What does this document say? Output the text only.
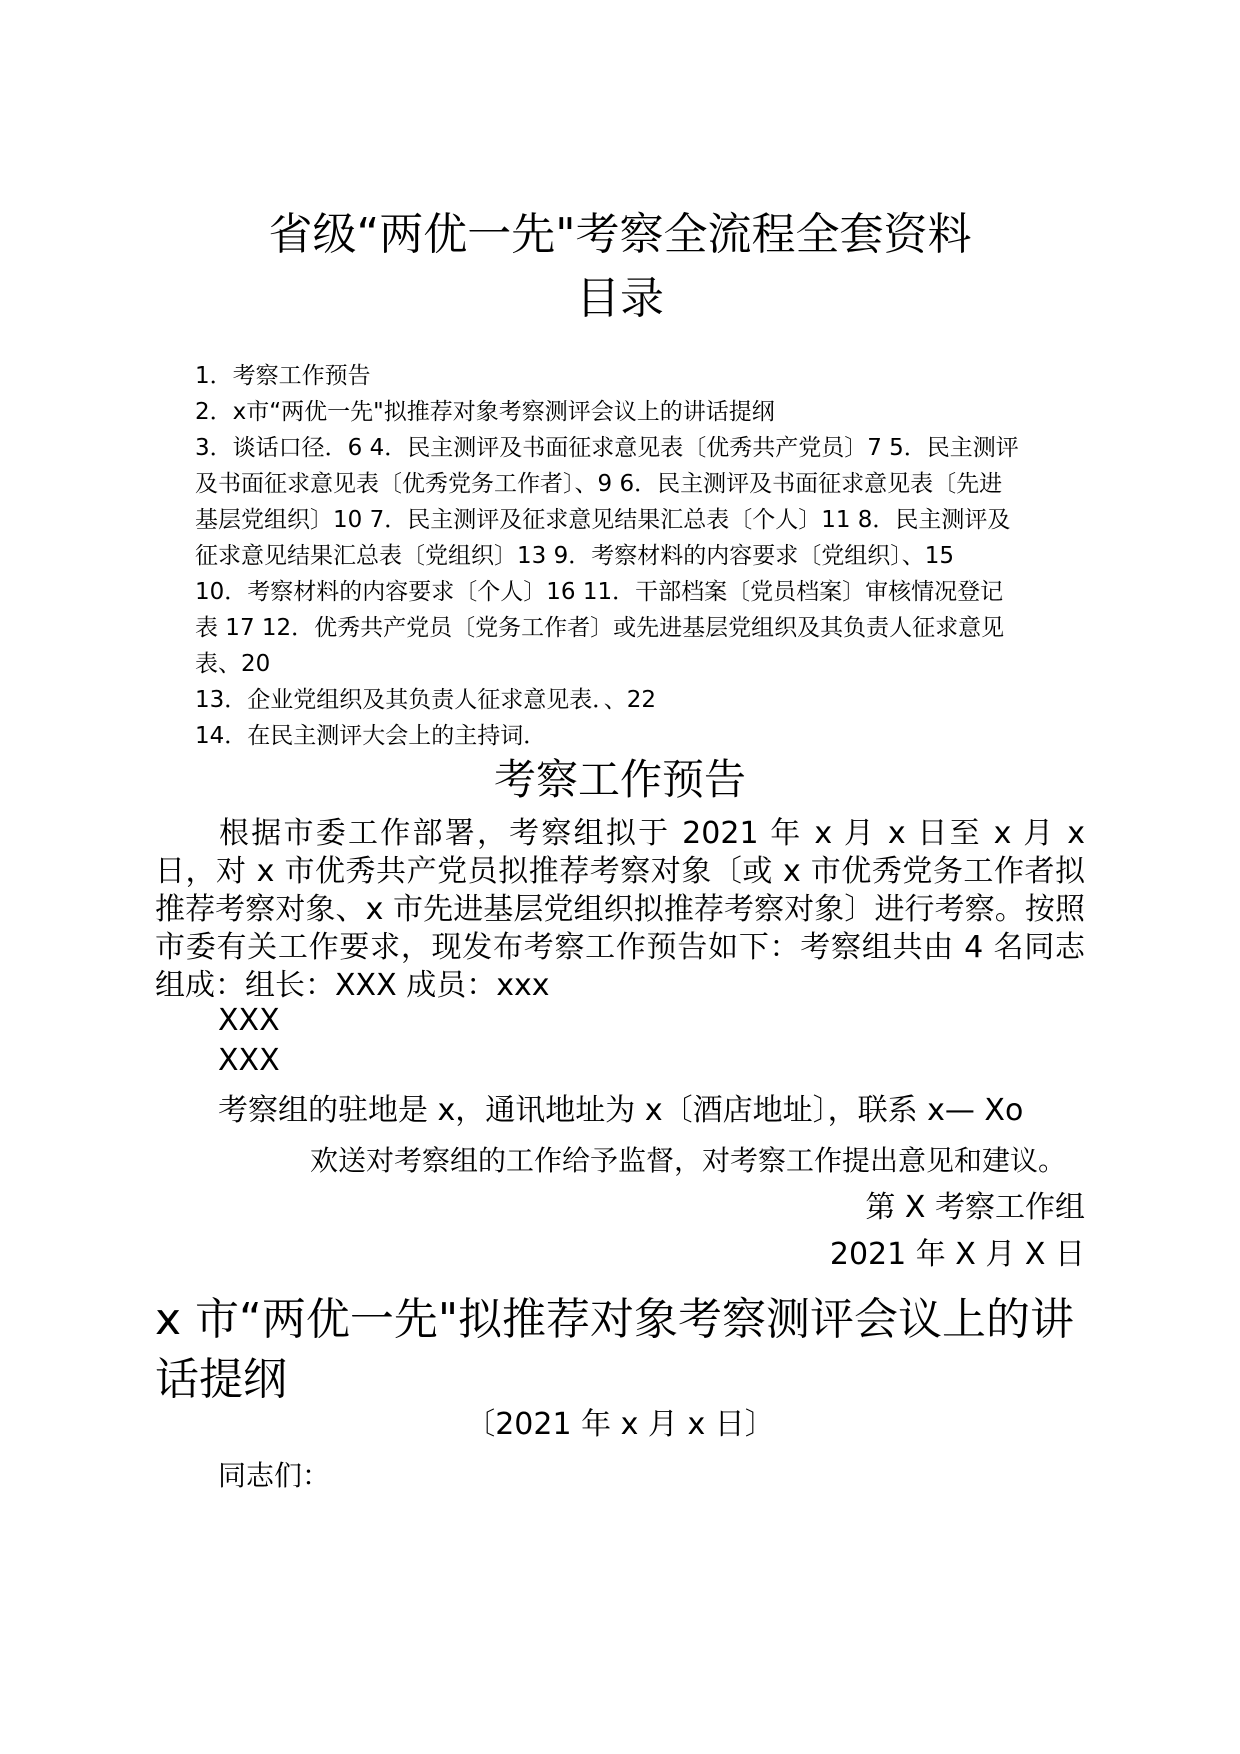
省级“两优一先"考察全流程全套资料
目录
1．考察工作预告
2．x市“两优一先"拟推荐对象考察测评会议上的讲话提纲
3．谈话口径．6 4．民主测评及书面征求意见表〔优秀共产党员〕7 5．民主测评
及书面征求意见表〔优秀党务工作者〕、9 6．民主测评及书面征求意见表〔先进
基层党组织〕10 7．民主测评及征求意见结果汇总表〔个人〕11 8．民主测评及
征求意见结果汇总表〔党组织〕13 9．考察材料的内容要求〔党组织〕、15
10．考察材料的内容要求〔个人〕16 11．干部档案〔党员档案〕审核情况登记
表 17 12．优秀共产党员〔党务工作者〕或先进基层党组织及其负责人征求意见
表、20
13．企业党组织及其负责人征求意见表．、22
14．在民主测评大会上的主持词．
考察工作预告
根据市委工作部署，考察组拟于 2021 年 x 月 x 日至 x 月 x 日，对 x 市优秀共产党员拟推荐考察对象〔或 x 市优秀党务工作者拟推荐考察对象、x 市先进基层党组织拟推荐考察对象〕进行考察。按照市委有关工作要求，现发布考察工作预告如下：考察组共由 4 名同志组成：组长：XXX 成员：xxx
XXX
XXX
考察组的驻地是 x，通讯地址为 x〔酒店地址〕，联系 x— Xo
欢送对考察组的工作给予监督，对考察工作提出意见和建议。
第 X 考察工作组
2021 年 X 月 X 日
x 市“两优一先"拟推荐对象考察测评会议上的讲话提纲
〔2021 年 x 月 x 日〕
同志们：
